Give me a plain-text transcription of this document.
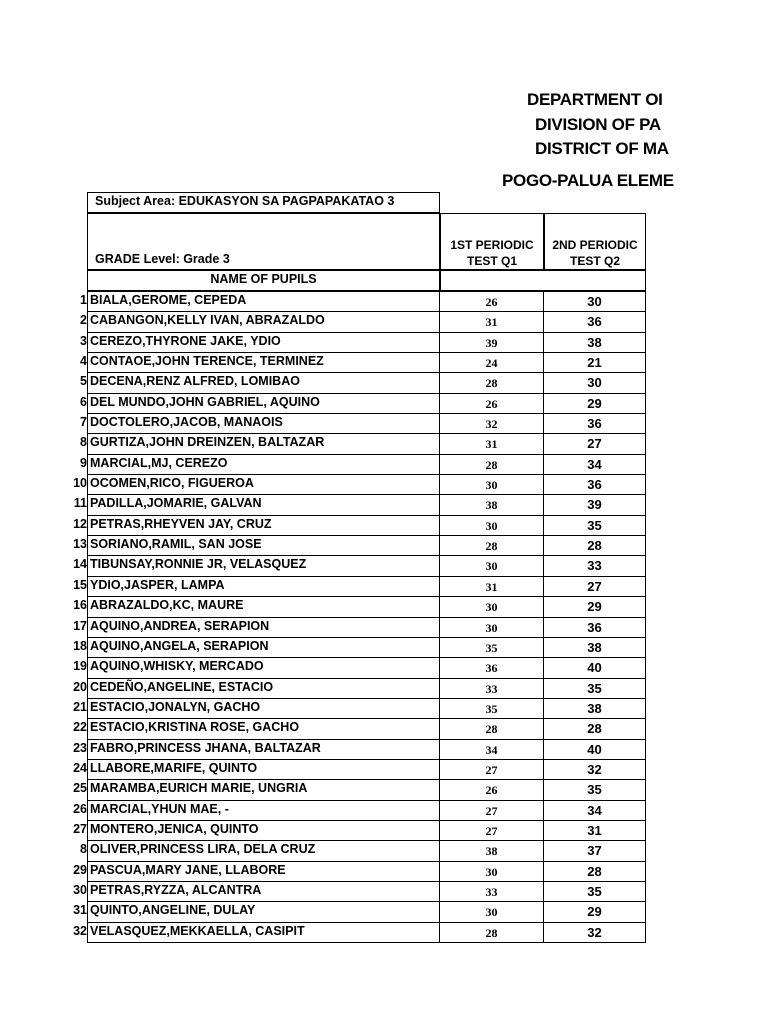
DEPARTMENT OI
DIVISION OF PA
DISTRICT OF MA
POGO-PALUA ELEME
Subject Area: EDUKASYON SA PAGPAPAKATAO 3
GRADE Level: Grade 3
1ST PERIODIC
TEST Q1
2ND PERIODIC
TEST Q2
NAME OF PUPILS
1 BIALA,GEROME, CEPEDA	26	30
2 CABANGON,KELLY IVAN, ABRAZALDO	31	36
3 CEREZO,THYRONE JAKE, YDIO	39	38
4 CONTAOE,JOHN TERENCE, TERMINEZ	24	21
5 DECENA,RENZ ALFRED, LOMIBAO	28	30
6 DEL MUNDO,JOHN GABRIEL, AQUINO	26	29
7 DOCTOLERO,JACOB, MANAOIS	32	36
8 GURTIZA,JOHN DREINZEN, BALTAZAR	31	27
9 MARCIAL,MJ, CEREZO	28	34
10 OCOMEN,RICO, FIGUEROA	30	36
11 PADILLA,JOMARIE, GALVAN	38	39
12 PETRAS,RHEYVEN JAY, CRUZ	30	35
13 SORIANO,RAMIL, SAN JOSE	28	28
14 TIBUNSAY,RONNIE JR, VELASQUEZ	30	33
15 YDIO,JASPER, LAMPA	31	27
16 ABRAZALDO,KC, MAURE	30	29
17 AQUINO,ANDREA, SERAPION	30	36
18 AQUINO,ANGELA, SERAPION	35	38
19 AQUINO,WHISKY, MERCADO	36	40
20 CEDEÑO,ANGELINE, ESTACIO	33	35
21 ESTACIO,JONALYN, GACHO	35	38
22 ESTACIO,KRISTINA ROSE, GACHO	28	28
23 FABRO,PRINCESS JHANA, BALTAZAR	34	40
24 LLABORE,MARIFE, QUINTO	27	32
25 MARAMBA,EURICH MARIE, UNGRIA	26	35
26 MARCIAL,YHUN MAE, -	27	34
27 MONTERO,JENICA, QUINTO	27	31
8 OLIVER,PRINCESS LIRA, DELA CRUZ	38	37
29 PASCUA,MARY JANE, LLABORE	30	28
30 PETRAS,RYZZA, ALCANTRA	33	35
31 QUINTO,ANGELINE, DULAY	30	29
32 VELASQUEZ,MEKKAELLA, CASIPIT	28	32
